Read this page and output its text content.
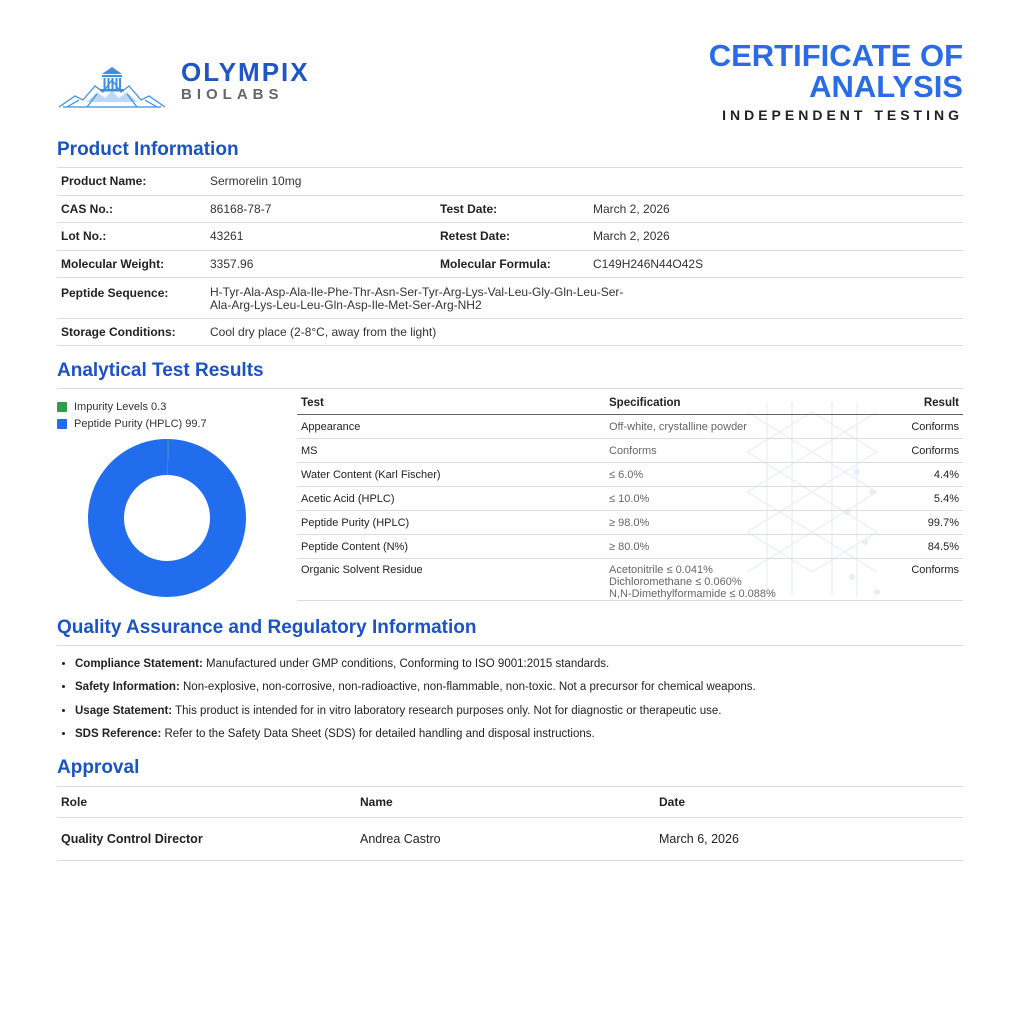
OLYMPIX
BIOLABS
CERTIFICATE OF ANALYSIS
INDEPENDENT TESTING
Product Information
Product Name:	Sermorelin 10mg		
CAS No.:	86168-78-7	Test Date:	March 2, 2026
Lot No.:	43261	Retest Date:	March 2, 2026
Molecular Weight:	3357.96	Molecular Formula:	C149H246N44O42S
Peptide Sequence:	H-Tyr-Ala-Asp-Ala-Ile-Phe-Thr-Asn-Ser-Tyr-Arg-Lys-Val-Leu-Gly-Gln-Leu-Ser-
Ala-Arg-Lys-Leu-Leu-Gln-Asp-Ile-Met-Ser-Arg-NH2		

Storage Conditions:	Cool dry place (2-8°C, away from the light)		
Analytical Test Results
Impurity Levels 0.3
Peptide Purity (HPLC) 99.7
Test	Specification	Result
Appearance	Off-white, crystalline powder	Conforms
MS	Conforms	Conforms
Water Content (Karl Fischer)	≤ 6.0%	4.4%
Acetic Acid (HPLC)	≤ 10.0%	5.4%
Peptide Purity (HPLC)	≥ 98.0%	99.7%
Peptide Content (N%)	≥ 80.0%	84.5%
Organic Solvent Residue	Acetonitrile ≤ 0.041%
Dichloromethane ≤ 0.060%
N,N-Dimethylformamide ≤ 0.088%	Conforms
Quality Assurance and Regulatory Information
• Compliance Statement: Manufactured under GMP conditions, Conforming to ISO 9001:2015 standards.
• Safety Information: Non-explosive, non-corrosive, non-radioactive, non-flammable, non-toxic. Not a precursor for chemical weapons.
• Usage Statement: This product is intended for in vitro laboratory research purposes only. Not for diagnostic or therapeutic use.
• SDS Reference: Refer to the Safety Data Sheet (SDS) for detailed handling and disposal instructions.
Approval
Role	Name	Date
Quality Control Director	Andrea Castro	March 6, 2026
